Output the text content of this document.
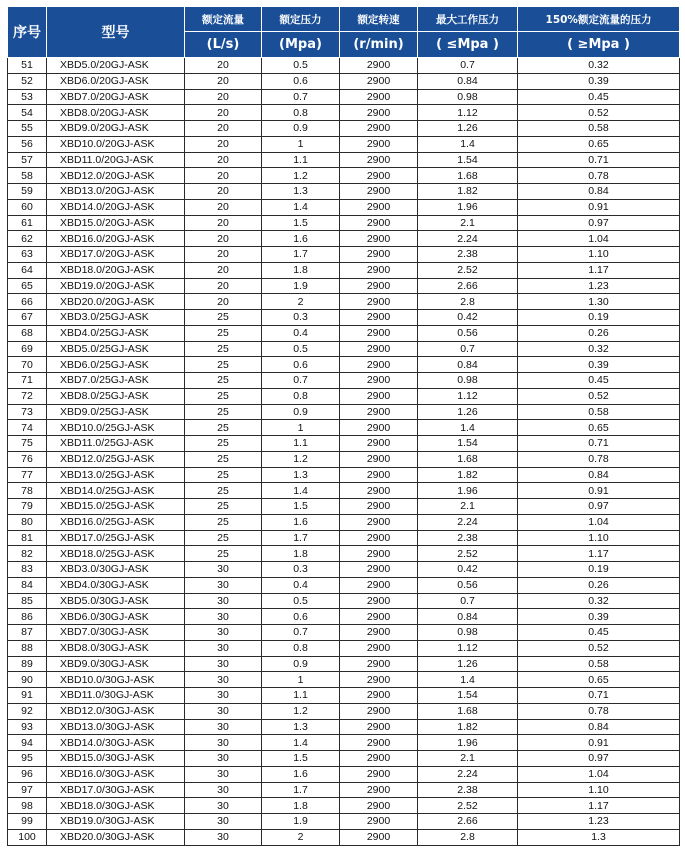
序号	型号	额定流量	额定压力	额定转速	最大工作压力	150%额定流量的压力
		(L/s)	(Mpa)	(r/min)	( ≤Mpa )	( ≥Mpa )
51	XBD5.0/20GJ-ASK	20	0.5	2900	0.7	0.32
52	XBD6.0/20GJ-ASK	20	0.6	2900	0.84	0.39
53	XBD7.0/20GJ-ASK	20	0.7	2900	0.98	0.45
54	XBD8.0/20GJ-ASK	20	0.8	2900	1.12	0.52
55	XBD9.0/20GJ-ASK	20	0.9	2900	1.26	0.58
56	XBD10.0/20GJ-ASK	20	1	2900	1.4	0.65
57	XBD11.0/20GJ-ASK	20	1.1	2900	1.54	0.71
58	XBD12.0/20GJ-ASK	20	1.2	2900	1.68	0.78
59	XBD13.0/20GJ-ASK	20	1.3	2900	1.82	0.84
60	XBD14.0/20GJ-ASK	20	1.4	2900	1.96	0.91
61	XBD15.0/20GJ-ASK	20	1.5	2900	2.1	0.97
62	XBD16.0/20GJ-ASK	20	1.6	2900	2.24	1.04
63	XBD17.0/20GJ-ASK	20	1.7	2900	2.38	1.10
64	XBD18.0/20GJ-ASK	20	1.8	2900	2.52	1.17
65	XBD19.0/20GJ-ASK	20	1.9	2900	2.66	1.23
66	XBD20.0/20GJ-ASK	20	2	2900	2.8	1.30
67	XBD3.0/25GJ-ASK	25	0.3	2900	0.42	0.19
68	XBD4.0/25GJ-ASK	25	0.4	2900	0.56	0.26
69	XBD5.0/25GJ-ASK	25	0.5	2900	0.7	0.32
70	XBD6.0/25GJ-ASK	25	0.6	2900	0.84	0.39
71	XBD7.0/25GJ-ASK	25	0.7	2900	0.98	0.45
72	XBD8.0/25GJ-ASK	25	0.8	2900	1.12	0.52
73	XBD9.0/25GJ-ASK	25	0.9	2900	1.26	0.58
74	XBD10.0/25GJ-ASK	25	1	2900	1.4	0.65
75	XBD11.0/25GJ-ASK	25	1.1	2900	1.54	0.71
76	XBD12.0/25GJ-ASK	25	1.2	2900	1.68	0.78
77	XBD13.0/25GJ-ASK	25	1.3	2900	1.82	0.84
78	XBD14.0/25GJ-ASK	25	1.4	2900	1.96	0.91
79	XBD15.0/25GJ-ASK	25	1.5	2900	2.1	0.97
80	XBD16.0/25GJ-ASK	25	1.6	2900	2.24	1.04
81	XBD17.0/25GJ-ASK	25	1.7	2900	2.38	1.10
82	XBD18.0/25GJ-ASK	25	1.8	2900	2.52	1.17
83	XBD3.0/30GJ-ASK	30	0.3	2900	0.42	0.19
84	XBD4.0/30GJ-ASK	30	0.4	2900	0.56	0.26
85	XBD5.0/30GJ-ASK	30	0.5	2900	0.7	0.32
86	XBD6.0/30GJ-ASK	30	0.6	2900	0.84	0.39
87	XBD7.0/30GJ-ASK	30	0.7	2900	0.98	0.45
88	XBD8.0/30GJ-ASK	30	0.8	2900	1.12	0.52
89	XBD9.0/30GJ-ASK	30	0.9	2900	1.26	0.58
90	XBD10.0/30GJ-ASK	30	1	2900	1.4	0.65
91	XBD11.0/30GJ-ASK	30	1.1	2900	1.54	0.71
92	XBD12.0/30GJ-ASK	30	1.2	2900	1.68	0.78
93	XBD13.0/30GJ-ASK	30	1.3	2900	1.82	0.84
94	XBD14.0/30GJ-ASK	30	1.4	2900	1.96	0.91
95	XBD15.0/30GJ-ASK	30	1.5	2900	2.1	0.97
96	XBD16.0/30GJ-ASK	30	1.6	2900	2.24	1.04
97	XBD17.0/30GJ-ASK	30	1.7	2900	2.38	1.10
98	XBD18.0/30GJ-ASK	30	1.8	2900	2.52	1.17
99	XBD19.0/30GJ-ASK	30	1.9	2900	2.66	1.23
100	XBD20.0/30GJ-ASK	30	2	2900	2.8	1.3
